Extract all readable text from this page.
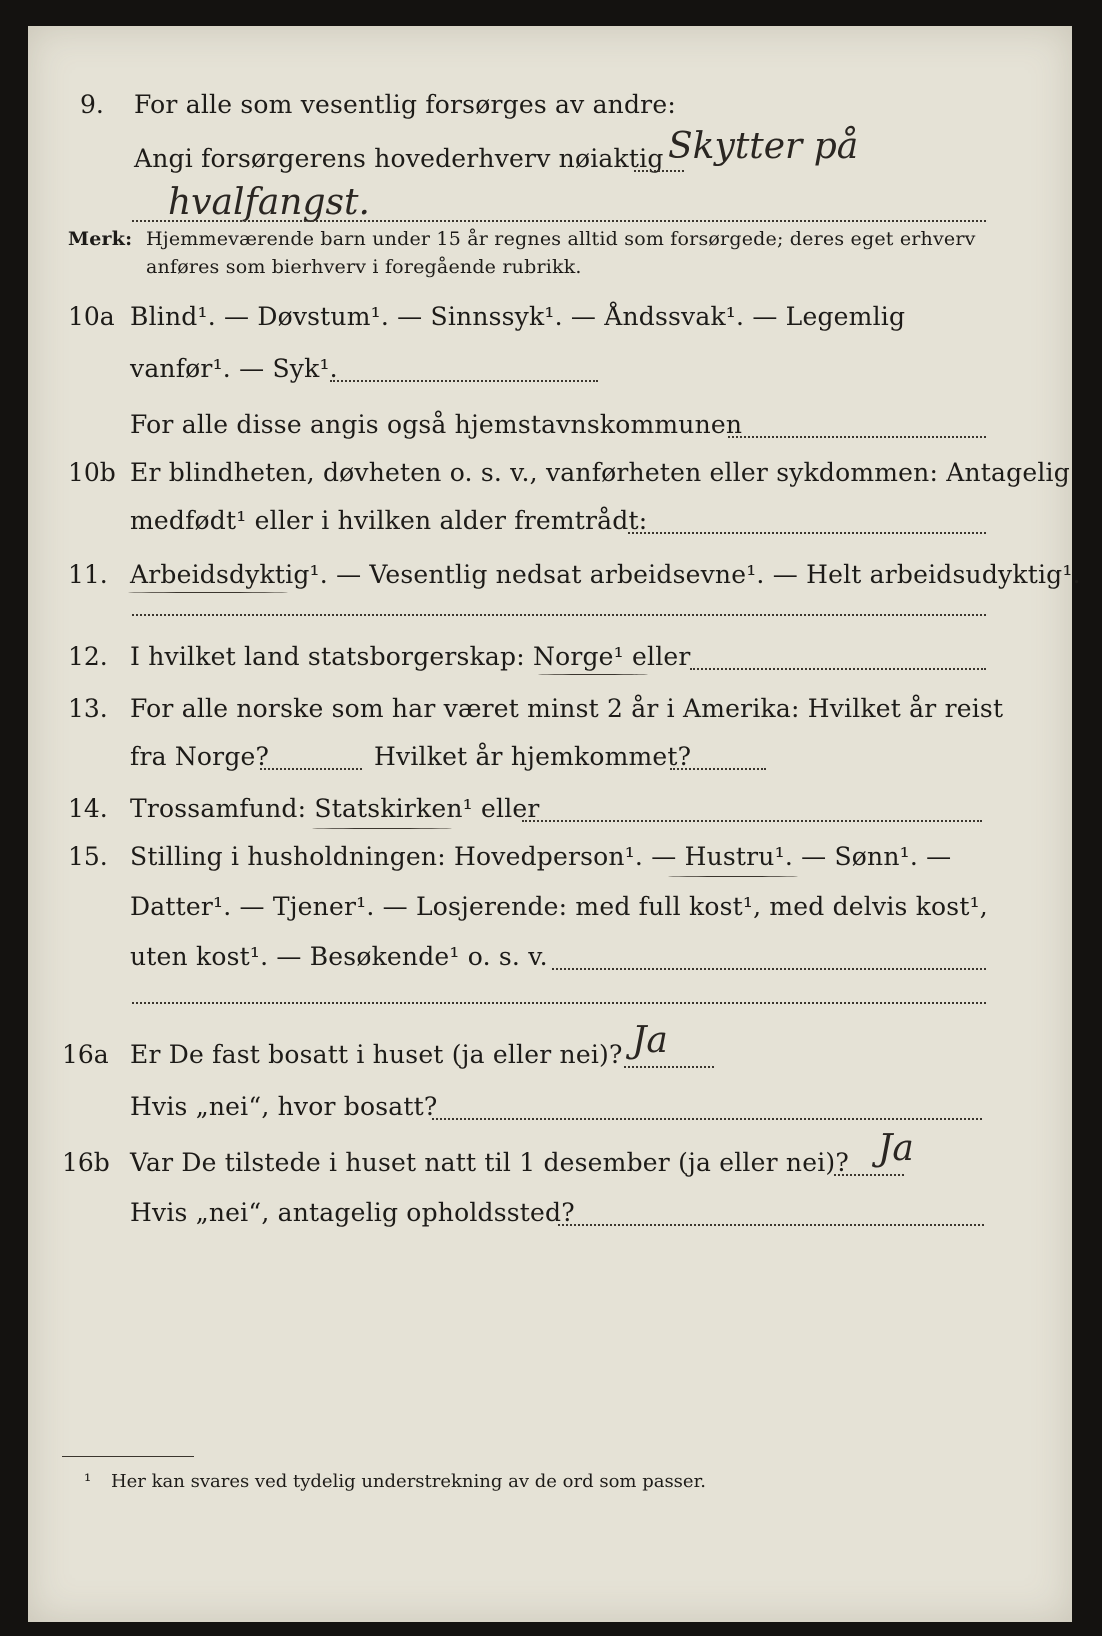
9. For alle som vesentlig forsørges av andre:
Angi forsørgerens hovederhverv nøiaktig Skytter på
hvalfangst.
Merk: Hjemmeværende barn under 15 år regnes alltid som forsørgede; deres eget erhverv
anføres som bierhverv i foregående rubrikk.
10a Blind¹. — Døvstum¹. — Sinnssyk¹. — Åndssvak¹. — Legemlig
vanfør¹. — Syk¹.
For alle disse angis også hjemstavnskommunen
10b Er blindheten, døvheten o. s. v., vanførheten eller sykdommen: Antagelig
medfødt¹ eller i hvilken alder fremtrådt:
11. Arbeidsdyktig¹. — Vesentlig nedsat arbeidsevne¹. — Helt arbeidsudyktig¹.
12. I hvilket land statsborgerskap: Norge¹ eller
13. For alle norske som har været minst 2 år i Amerika: Hvilket år reist
fra Norge?	Hvilket år hjemkommet?
14. Trossamfund: Statskirken¹ eller
15. Stilling i husholdningen: Hovedperson¹. — Hustru¹. — Sønn¹. —
Datter¹. — Tjener¹. — Losjerende: med full kost¹, med delvis kost¹,
uten kost¹. — Besøkende¹ o. s. v.
16a Er De fast bosatt i huset (ja eller nei)? Ja
Hvis „nei“, hvor bosatt?
16b Var De tilstede i huset natt til 1 desember (ja eller nei)? Ja
Hvis „nei“, antagelig opholdssted?
¹ Her kan svares ved tydelig understrekning av de ord som passer.
